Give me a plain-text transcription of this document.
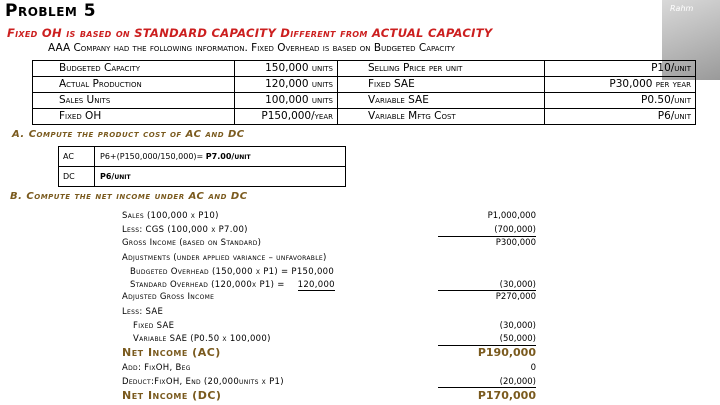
Problem 5
Fixed OH is based on STANDARD CAPACITY Different from ACTUAL CAPACITY
AAA Company had the following information. Fixed Overhead is based on Budgeted Capacity
Rahm
Budgeted Capacity	150,000 units	Selling Price per unit	P10/unit
Actual Production	120,000 units	Fixed SAE	P30,000 per year
Sales Units	100,000 units	Variable SAE	P0.50/unit
Fixed OH	P150,000/year	Variable Mftg Cost	P6/unit
A. Compute the product cost of AC and DC
AC	P6+(P150,000/150,000)= P7.00/unit
DC	P6/unit
B. Compute the net income under AC and DC
Sales (100,000 x P10)	P1,000,000
Less: CGS (100,000 x P7.00)	(700,000)
Gross Income (based on Standard)	P300,000
Adjustments (under applied variance – unfavorable)
Budgeted Overhead (150,000 x P1) = P150,000
Standard Overhead (120,000x P1) = 120,000	(30,000)
Adjusted Gross Income	P270,000
Less: SAE
Fixed SAE	(30,000)
Variable SAE (P0.50 x 100,000)	(50,000)
Net Income (AC)	P190,000
Add: FixOH, Beg	0
Deduct:FixOH, End (20,000units x P1)	(20,000)
Net Income (DC)	P170,000
